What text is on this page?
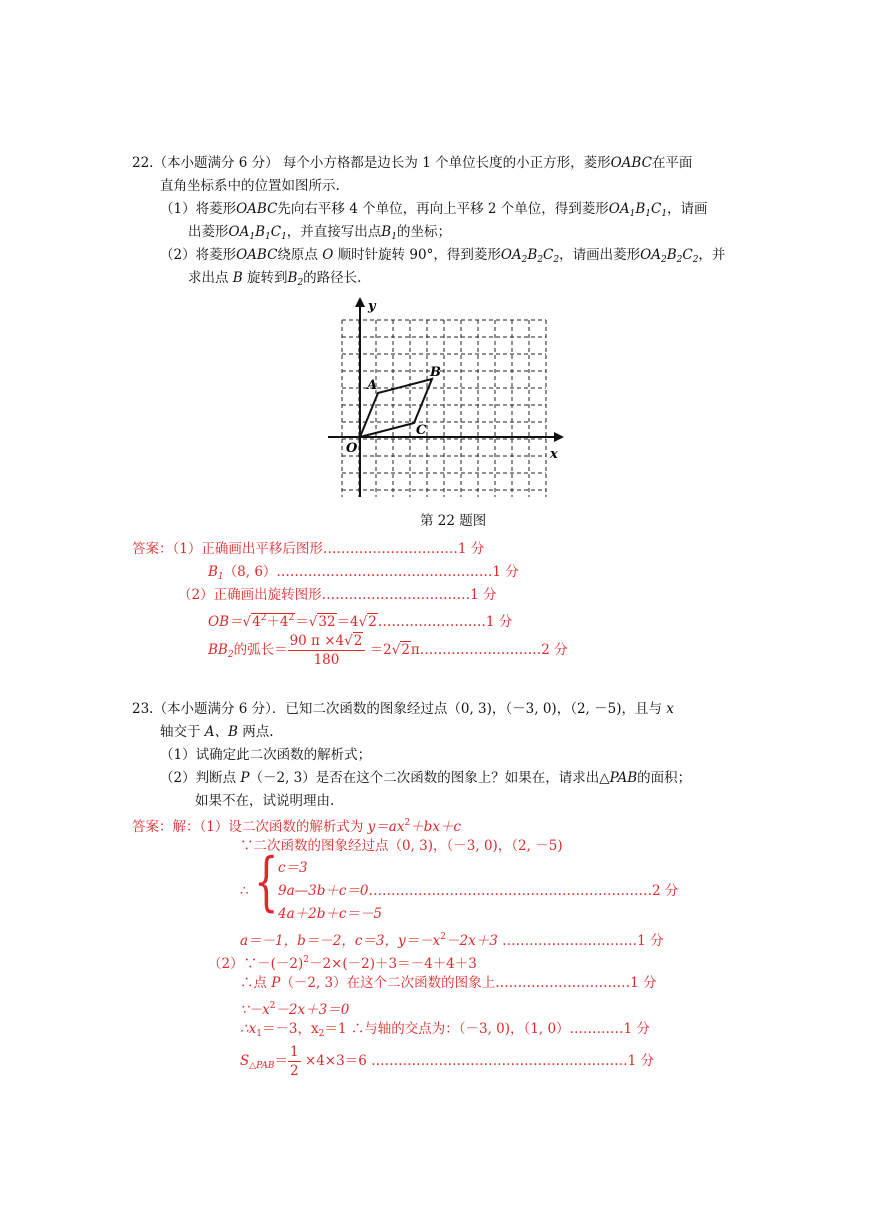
22.（本小题满分 6 分） 每个小方格都是边长为 1 个单位长度的小正方形，菱形OABC在平面
直角坐标系中的位置如图所示.
（1）将菱形OABC先向右平移 4 个单位，再向上平移 2 个单位，得到菱形$OA_1B_1C_1$，请画
出菱形$OA_1B_1C_1$，并直接写出点$B_1$的坐标；
（2）将菱形OABC绕原点 O 顺时针旋转 90°，得到菱形$OA_2B_2C_2$，请画出菱形$OA_2B_2C_2$，并
求出点 B 旋转到$B_2$的路径长.
y
x
O
A
B
C
第 22 题图
答案：（1）正确画出平移后图形…………………………1 分
$B_1(8$, 6）…………………………………………1 分
（2）正确画出旋转图形……………………………1 分
$OB=√4^2+4^2=√32=4√2\dots\dots\dots\dots\dots\dots\dots\dots 1$ 分
$BB_2$的弧长＝ $\frac{90 \pi \times 4√2}{180}$ ＝2√2π………………………2 分
23.（本小题满分 6 分）．已知二次函数的图象经过点（0, 3)，（－3, 0)，（2, －5)，且与 x
轴交于 A、B 两点.
（1）试确定此二次函数的解析式；
（2）判断点 P（－2, 3）是否在这个二次函数的图象上？如果在，请求出△PAB的面积；
如果不在，试说明理由.
答案：解：（1）设二次函数的解析式为 $y=ax^2+bx+c$
∵二次函数的图象经过点（0, 3)，（－3, 0)，（2, －5)
∴ { c＝3
9a—3b＋c＝0………………………………………………………2 分
4a＋2b＋c＝－5
a＝－1，b＝－2，c＝3，$y=-x^2-2x+3$ …………………………1 分
$(2)\because-(-2)^2-2\times(-2)+3=-4+4+3$
∴点 P（－2, 3）在这个二次函数的图象上…………………………1 分
$\because-x^2-2x+3=0$
$\therefore x_1=-3$，$x_2=1$ ∴与轴的交点为：（－3, 0)，（1, 0）…………1 分
$S_{\triangle PAB}= \frac{1}{2} \times 4\times 3=6$ …………………………………………………1 分
